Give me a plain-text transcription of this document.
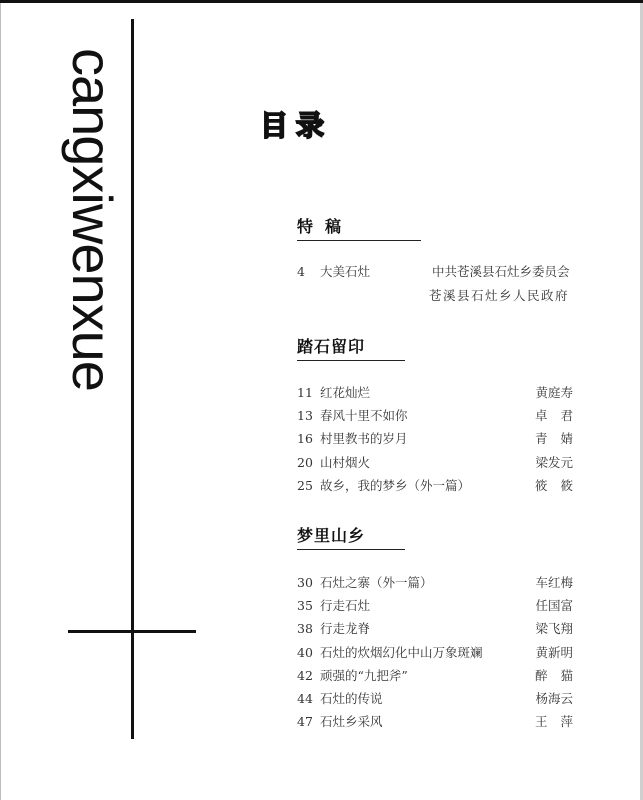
cangxiwenxue	目录
特稿
4 大美石灶	中共苍溪县石灶乡委员会
苍溪县石灶乡人民政府
踏石留印
11 红花灿烂	黄庭寿
13 春风十里不如你	卓君
16 村里教书的岁月	青婧
20 山村烟火	梁发元
25 故乡，我的梦乡（外一篇）	筱筱
梦里山乡
30 石灶之寨（外一篇）	车红梅
35 行走石灶	任国富
38 行走龙脊	梁飞翔
40 石灶的炊烟幻化中山万象斑斓	黄新明
42 顽强的“九把斧”	醉猫
44 石灶的传说	杨海云
47 石灶乡采风	王萍
